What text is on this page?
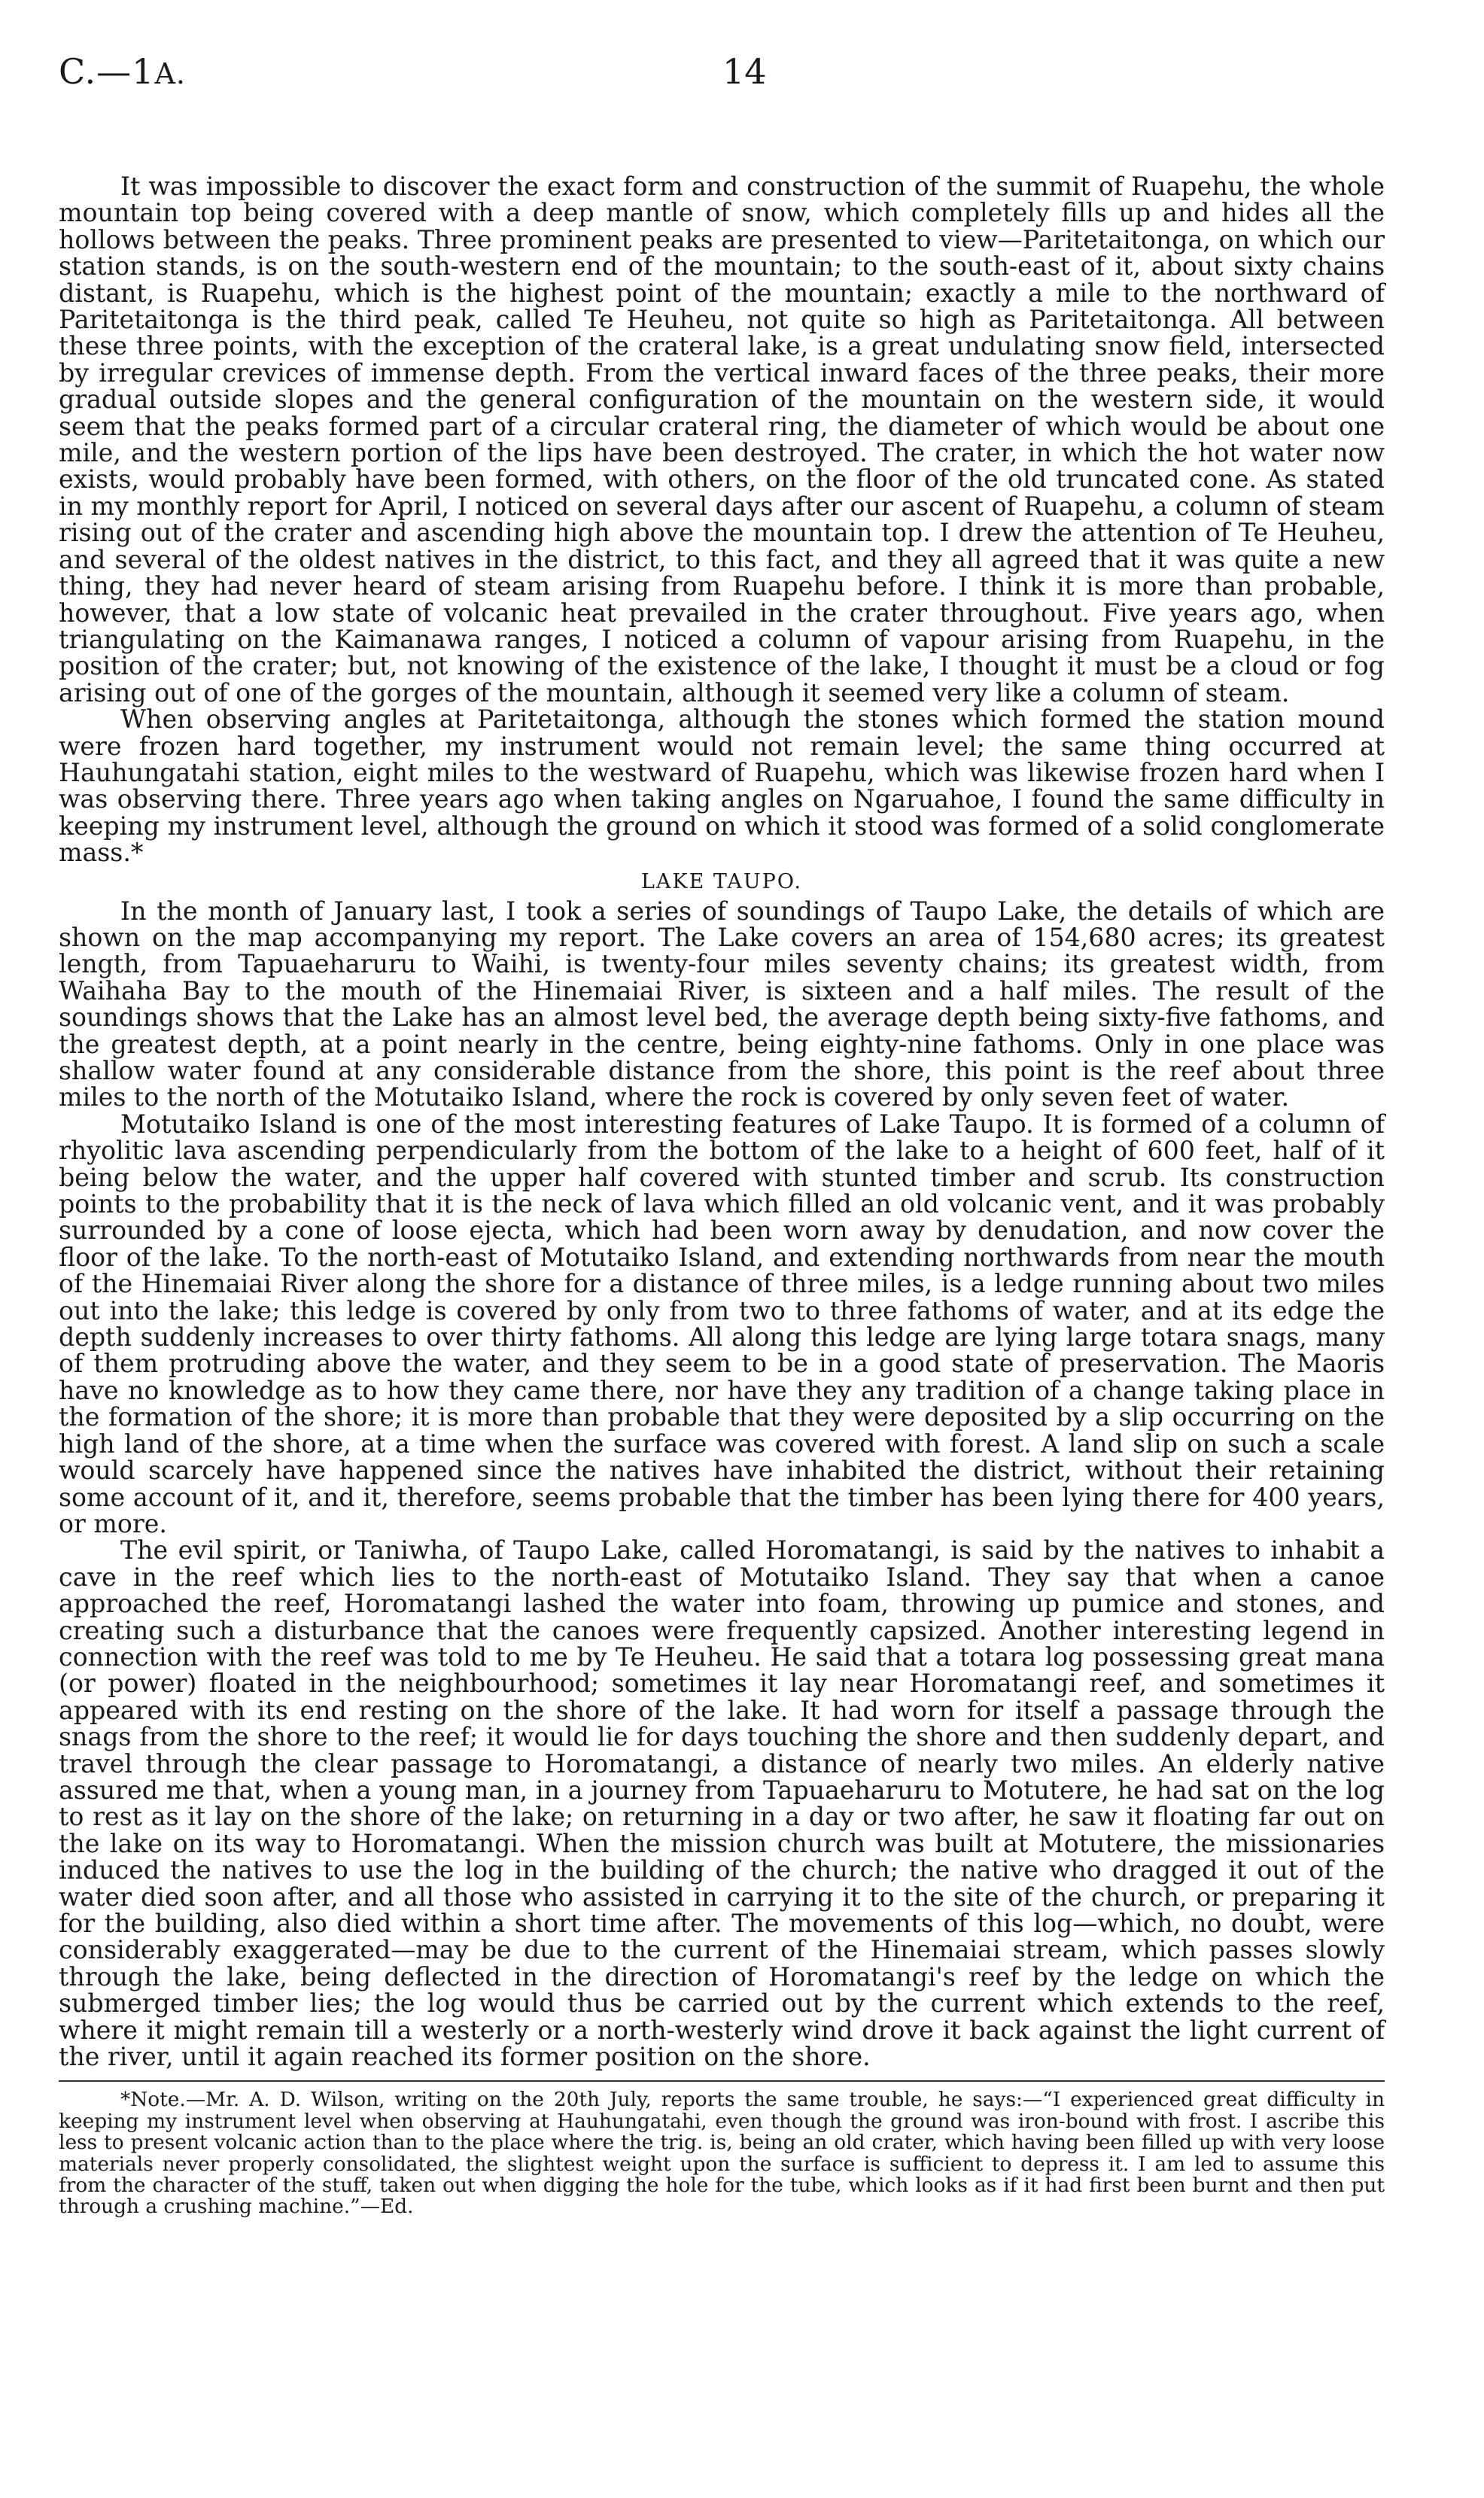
C.—1A.	14

It was impossible to discover the exact form and construction of the summit of Ruapehu, the whole mountain top being covered with a deep mantle of snow, which completely fills up and hides all the hollows between the peaks. Three prominent peaks are presented to view—Paritetaitonga, on which our station stands, is on the south-western end of the mountain; to the south-east of it, about sixty chains distant, is Ruapehu, which is the highest point of the mountain; exactly a mile to the northward of Paritetaitonga is the third peak, called Te Heuheu, not quite so high as Paritetaitonga. All between these three points, with the exception of the crateral lake, is a great undulating snow field, intersected by irregular crevices of immense depth. From the vertical inward faces of the three peaks, their more gradual outside slopes and the general configuration of the mountain on the western side, it would seem that the peaks formed part of a circular crateral ring, the diameter of which would be about one mile, and the western portion of the lips have been destroyed. The crater, in which the hot water now exists, would probably have been formed, with others, on the floor of the old truncated cone. As stated in my monthly report for April, I noticed on several days after our ascent of Ruapehu, a column of steam rising out of the crater and ascending high above the mountain top. I drew the attention of Te Heuheu, and several of the oldest natives in the district, to this fact, and they all agreed that it was quite a new thing, they had never heard of steam arising from Ruapehu before. I think it is more than probable, however, that a low state of volcanic heat prevailed in the crater throughout. Five years ago, when triangulating on the Kaimanawa ranges, I noticed a column of vapour arising from Ruapehu, in the position of the crater; but, not knowing of the existence of the lake, I thought it must be a cloud or fog arising out of one of the gorges of the mountain, although it seemed very like a column of steam.

When observing angles at Paritetaitonga, although the stones which formed the station mound were frozen hard together, my instrument would not remain level; the same thing occurred at Hauhungatahi station, eight miles to the westward of Ruapehu, which was likewise frozen hard when I was observing there. Three years ago when taking angles on Ngaruahoe, I found the same difficulty in keeping my instrument level, although the ground on which it stood was formed of a solid conglomerate mass.*

LAKE TAUPO.

In the month of January last, I took a series of soundings of Taupo Lake, the details of which are shown on the map accompanying my report. The Lake covers an area of 154,680 acres; its greatest length, from Tapuaeharuru to Waihi, is twenty-four miles seventy chains; its greatest width, from Waihaha Bay to the mouth of the Hinemaiai River, is sixteen and a half miles. The result of the soundings shows that the Lake has an almost level bed, the average depth being sixty-five fathoms, and the greatest depth, at a point nearly in the centre, being eighty-nine fathoms. Only in one place was shallow water found at any considerable distance from the shore, this point is the reef about three miles to the north of the Motutaiko Island, where the rock is covered by only seven feet of water.

Motutaiko Island is one of the most interesting features of Lake Taupo. It is formed of a column of rhyolitic lava ascending perpendicularly from the bottom of the lake to a height of 600 feet, half of it being below the water, and the upper half covered with stunted timber and scrub. Its construction points to the probability that it is the neck of lava which filled an old volcanic vent, and it was probably surrounded by a cone of loose ejecta, which had been worn away by denudation, and now cover the floor of the lake. To the north-east of Motutaiko Island, and extending northwards from near the mouth of the Hinemaiai River along the shore for a distance of three miles, is a ledge running about two miles out into the lake; this ledge is covered by only from two to three fathoms of water, and at its edge the depth suddenly increases to over thirty fathoms. All along this ledge are lying large totara snags, many of them protruding above the water, and they seem to be in a good state of preservation. The Maoris have no knowledge as to how they came there, nor have they any tradition of a change taking place in the formation of the shore; it is more than probable that they were deposited by a slip occurring on the high land of the shore, at a time when the surface was covered with forest. A land slip on such a scale would scarcely have happened since the natives have inhabited the district, without their retaining some account of it, and it, therefore, seems probable that the timber has been lying there for 400 years, or more.

The evil spirit, or Taniwha, of Taupo Lake, called Horomatangi, is said by the natives to inhabit a cave in the reef which lies to the north-east of Motutaiko Island. They say that when a canoe approached the reef, Horomatangi lashed the water into foam, throwing up pumice and stones, and creating such a disturbance that the canoes were frequently capsized. Another interesting legend in connection with the reef was told to me by Te Heuheu. He said that a totara log possessing great mana (or power) floated in the neighbourhood; sometimes it lay near Horomatangi reef, and sometimes it appeared with its end resting on the shore of the lake. It had worn for itself a passage through the snags from the shore to the reef; it would lie for days touching the shore and then suddenly depart, and travel through the clear passage to Horomatangi, a distance of nearly two miles. An elderly native assured me that, when a young man, in a journey from Tapuaeharuru to Motutere, he had sat on the log to rest as it lay on the shore of the lake; on returning in a day or two after, he saw it floating far out on the lake on its way to Horomatangi. When the mission church was built at Motutere, the missionaries induced the natives to use the log in the building of the church; the native who dragged it out of the water died soon after, and all those who assisted in carrying it to the site of the church, or preparing it for the building, also died within a short time after. The movements of this log—which, no doubt, were considerably exaggerated—may be due to the current of the Hinemaiai stream, which passes slowly through the lake, being deflected in the direction of Horomatangi's reef by the ledge on which the submerged timber lies; the log would thus be carried out by the current which extends to the reef, where it might remain till a westerly or a north-westerly wind drove it back against the light current of the river, until it again reached its former position on the shore.

*Note.—Mr. A. D. Wilson, writing on the 20th July, reports the same trouble, he says:—“I experienced great difficulty in keeping my instrument level when observing at Hauhungatahi, even though the ground was iron-bound with frost. I ascribe this less to present volcanic action than to the place where the trig. is, being an old crater, which having been filled up with very loose materials never properly consolidated, the slightest weight upon the surface is sufficient to depress it. I am led to assume this from the character of the stuff, taken out when digging the hole for the tube, which looks as if it had first been burnt and then put through a crushing machine.”—Ed.
